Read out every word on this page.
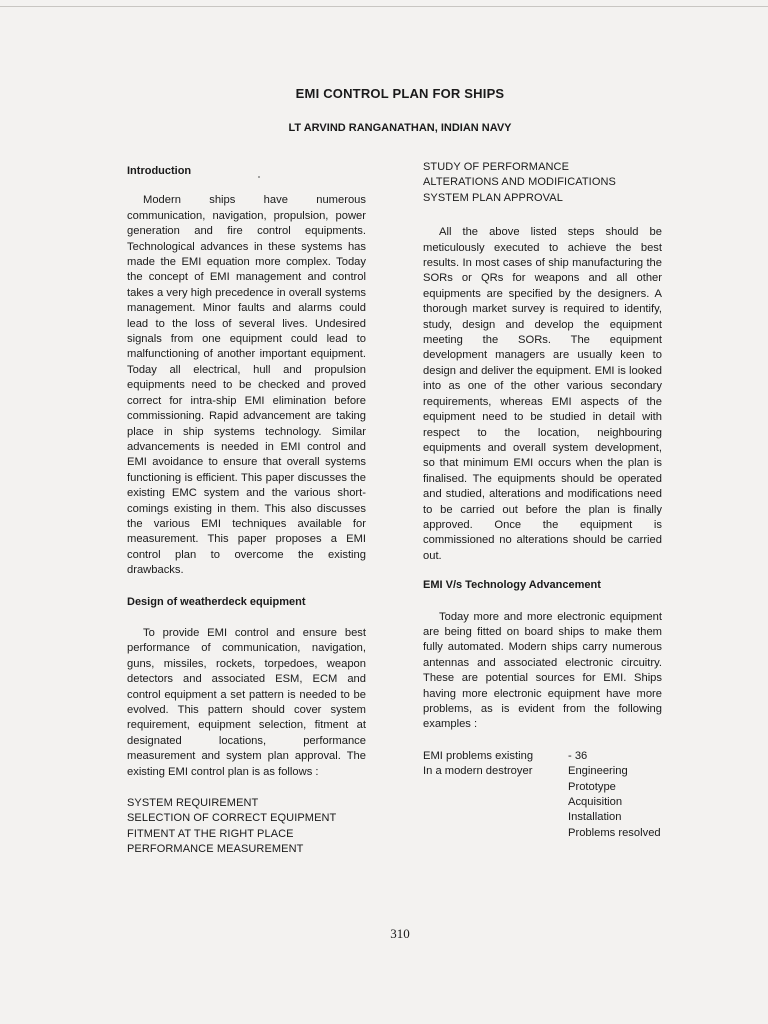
EMI CONTROL PLAN FOR SHIPS
LT ARVIND RANGANATHAN, INDIAN NAVY
Introduction
Modern ships have numerous communication, navigation, propulsion, power generation and fire control equipments. Technological advances in these systems has made the EMI equation more complex. Today the concept of EMI management and control takes a very high precedence in overall systems management. Minor faults and alarms could lead to the loss of several lives. Undesired signals from one equipment could lead to malfunctioning of another important equipment. Today all electrical, hull and propulsion equipments need to be checked and proved correct for intra-ship EMI elimination before commissioning. Rapid advancement are taking place in ship systems technology. Similar advancements is needed in EMI control and EMI avoidance to ensure that overall systems functioning is efficient. This paper discusses the existing EMC system and the various short-comings existing in them. This also discusses the various EMI techniques available for measurement. This paper proposes a EMI control plan to overcome the existing drawbacks.
Design of weatherdeck equipment
To provide EMI control and ensure best performance of communication, navigation, guns, missiles, rockets, torpedoes, weapon detectors and associated ESM, ECM and control equipment a set pattern is needed to be evolved. This pattern should cover system requirement, equipment selection, fitment at designated locations, performance measurement and system plan approval. The existing EMI control plan is as follows :
SYSTEM REQUIREMENT
SELECTION OF CORRECT EQUIPMENT
FITMENT AT THE RIGHT PLACE
PERFORMANCE MEASUREMENT
STUDY OF PERFORMANCE
ALTERATIONS AND MODIFICATIONS
SYSTEM PLAN APPROVAL
All the above listed steps should be meticulously executed to achieve the best results. In most cases of ship manufacturing the SORs or QRs for weapons and all other equipments are specified by the designers. A thorough market survey is required to identify, study, design and develop the equipment meeting the SORs. The equipment development managers are usually keen to design and deliver the equipment. EMI is looked into as one of the other various secondary requirements, whereas EMI aspects of the equipment need to be studied in detail with respect to the location, neighbouring equipments and overall system development, so that minimum EMI occurs when the plan is finalised. The equipments should be operated and studied, alterations and modifications need to be carried out before the plan is finally approved. Once the equipment is commissioned no alterations should be carried out.
EMI V/s Technology Advancement
Today more and more electronic equipment are being fitted on board ships to make them fully automated. Modern ships carry numerous antennas and associated electronic circuitry. These are potential sources for EMI. Ships having more electronic equipment have more problems, as is evident from the following examples :
EMI problems existing	- 36
In a modern destroyer	Engineering
Prototype
Acquisition
Installation
Problems resolved
310
